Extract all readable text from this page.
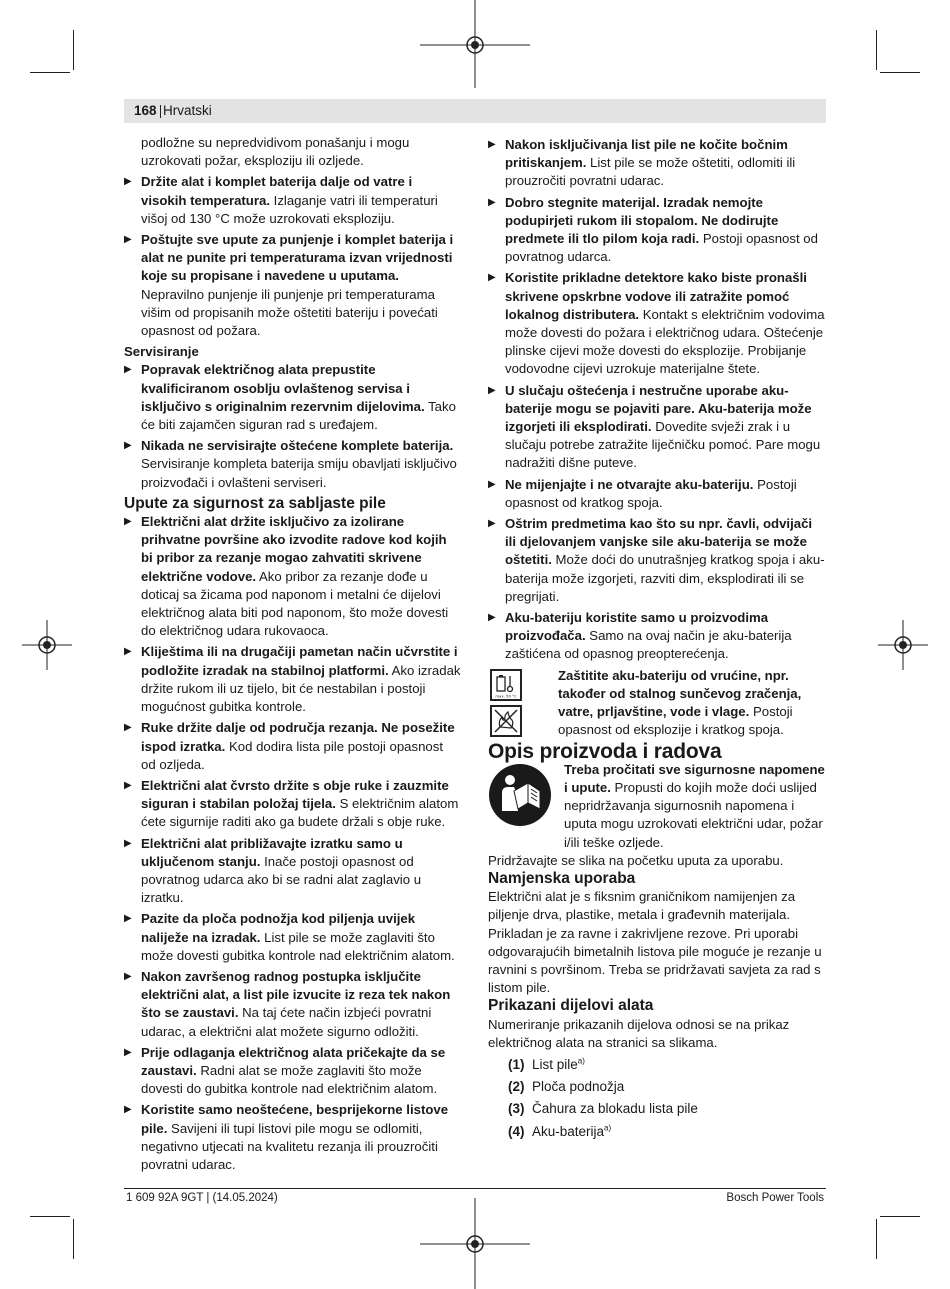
168 Hrvatski

podložne su nepredvidivom ponašanju i mogu uzrokovati požar, eksploziju ili ozljede.

▶ Držite alat i komplet baterija dalje od vatre i visokih temperatura. Izlaganje vatri ili temperaturi višoj od 130 °C može uzrokovati eksploziju.
▶ Poštujte sve upute za punjenje i komplet baterija i alat ne punite pri temperaturama izvan vrijednosti koje su propisane i navedene u uputama. Nepravilno punjenje ili punjenje pri temperaturama višim od propisanih može oštetiti bateriju i povećati opasnost od požara.

Servisiranje

▶ Popravak električnog alata prepustite kvalificiranom osoblju ovlaštenog servisa i isključivo s originalnim rezervnim dijelovima. Tako će biti zajamčen siguran rad s uređajem.
▶ Nikada ne servisirajte oštećene komplete baterija. Servisiranje kompleta baterija smiju obavljati isključivo proizvođači i ovlašteni serviseri.

Upute za sigurnost za sabljaste pile

▶ Električni alat držite isključivo za izolirane prihvatne površine ako izvodite radove kod kojih bi pribor za rezanje mogao zahvatiti skrivene električne vodove. Ako pribor za rezanje dođe u doticaj sa žicama pod naponom i metalni će dijelovi električnog alata biti pod naponom, što može dovesti do električnog udara rukovaoca.
▶ Kliještima ili na drugačiji pametan način učvrstite i podložite izradak na stabilnoj platformi. Ako izradak držite rukom ili uz tijelo, bit će nestabilan i postoji mogućnost gubitka kontrole.
▶ Ruke držite dalje od područja rezanja. Ne posežite ispod izratka. Kod dodira lista pile postoji opasnost od ozljeda.
▶ Električni alat čvrsto držite s obje ruke i zauzmite siguran i stabilan položaj tijela. S električnim alatom ćete sigurnije raditi ako ga budete držali s obje ruke.
▶ Električni alat približavajte izratku samo u uključenom stanju. Inače postoji opasnost od povratnog udarca ako bi se radni alat zaglavio u izratku.
▶ Pazite da ploča podnožja kod piljenja uvijek naliježe na izradak. List pile se može zaglaviti što može dovesti gubitka kontrole nad električnim alatom.
▶ Nakon završenog radnog postupka isključite električni alat, a list pile izvucite iz reza tek nakon što se zaustavi. Na taj ćete način izbjeći povratni udarac, a električni alat možete sigurno odložiti.
▶ Prije odlaganja električnog alata pričekajte da se zaustavi. Radni alat se može zaglaviti što može dovesti do gubitka kontrole nad električnim alatom.
▶ Koristite samo neoštećene, besprijekorne listove pile. Savijeni ili tupi listovi pile mogu se odlomiti, negativno utjecati na kvalitetu rezanja ili prouzročiti povratni udarac.
▶ Nakon isključivanja list pile ne kočite bočnim pritiskanjem. List pile se može oštetiti, odlomiti ili prouzročiti povratni udarac.
▶ Dobro stegnite materijal. Izradak nemojte podupirjeti rukom ili stopalom. Ne dodirujte predmete ili tlo pilom koja radi. Postoji opasnost od povratnog udarca.
▶ Koristite prikladne detektore kako biste pronašli skrivene opskrbne vodove ili zatražite pomoć lokalnog distributera. Kontakt s električnim vodovima može dovesti do požara i električnog udara. Oštećenje plinske cijevi može dovesti do eksplozije. Probijanje vodovodne cijevi uzrokuje materijalne štete.
▶ U slučaju oštećenja i nestručne uporabe aku-baterije mogu se pojaviti pare. Aku-baterija može izgorjeti ili eksplodirati. Dovedite svježi zrak i u slučaju potrebe zatražite liječničku pomoć. Pare mogu nadražiti dišne puteve.
▶ Ne mijenjajte i ne otvarajte aku-bateriju. Postoji opasnost od kratkog spoja.
▶ Oštrim predmetima kao što su npr. čavli, odvijači ili djelovanjem vanjske sile aku-baterija se može oštetiti. Može doći do unutrašnjeg kratkog spoja i aku-baterija može izgorjeti, razviti dim, eksplodirati ili se pregrijati.
▶ Aku-bateriju koristite samo u proizvodima proizvođača. Samo na ovaj način je aku-baterija zaštićena od opasnog preopterećenja.
max. 50 °C
Zaštitite aku-bateriju od vrućine, npr. također od stalnog sunčevog zračenja, vatre, prljavštine, vode i vlage. Postoji opasnost od eksplozije i kratkog spoja.

Opis proizvoda i radova

Treba pročitati sve sigurnosne napomene i upute. Propusti do kojih može doći uslijed nepridržavanja sigurnosnih napomena i uputa mogu uzrokovati električni udar, požar i/ili teške ozljede.

Pridržavajte se slika na početku uputa za uporabu.

Namjenska uporaba

Električni alat je s fiksnim graničnikom namijenjen za piljenje drva, plastike, metala i građevnih materijala. Prikladan je za ravne i zakrivljene rezove. Pri uporabi odgovarajućih bimetalnih listova pile moguće je rezanje u ravnini s površinom. Treba se pridržavati savjeta za rad s listom pile.

Prikazani dijelovi alata

Numeriranje prikazanih dijelova odnosi se na prikaz električnog alata na stranici sa slikama.

(1) List pile$^{a)}$
(2) Ploča podnožja
(3) Čahura za blokadu lista pile
(4) Aku-baterija$^{a)}$
1 609 92A 9GT | (14.05.2024)	Bosch Power Tools
